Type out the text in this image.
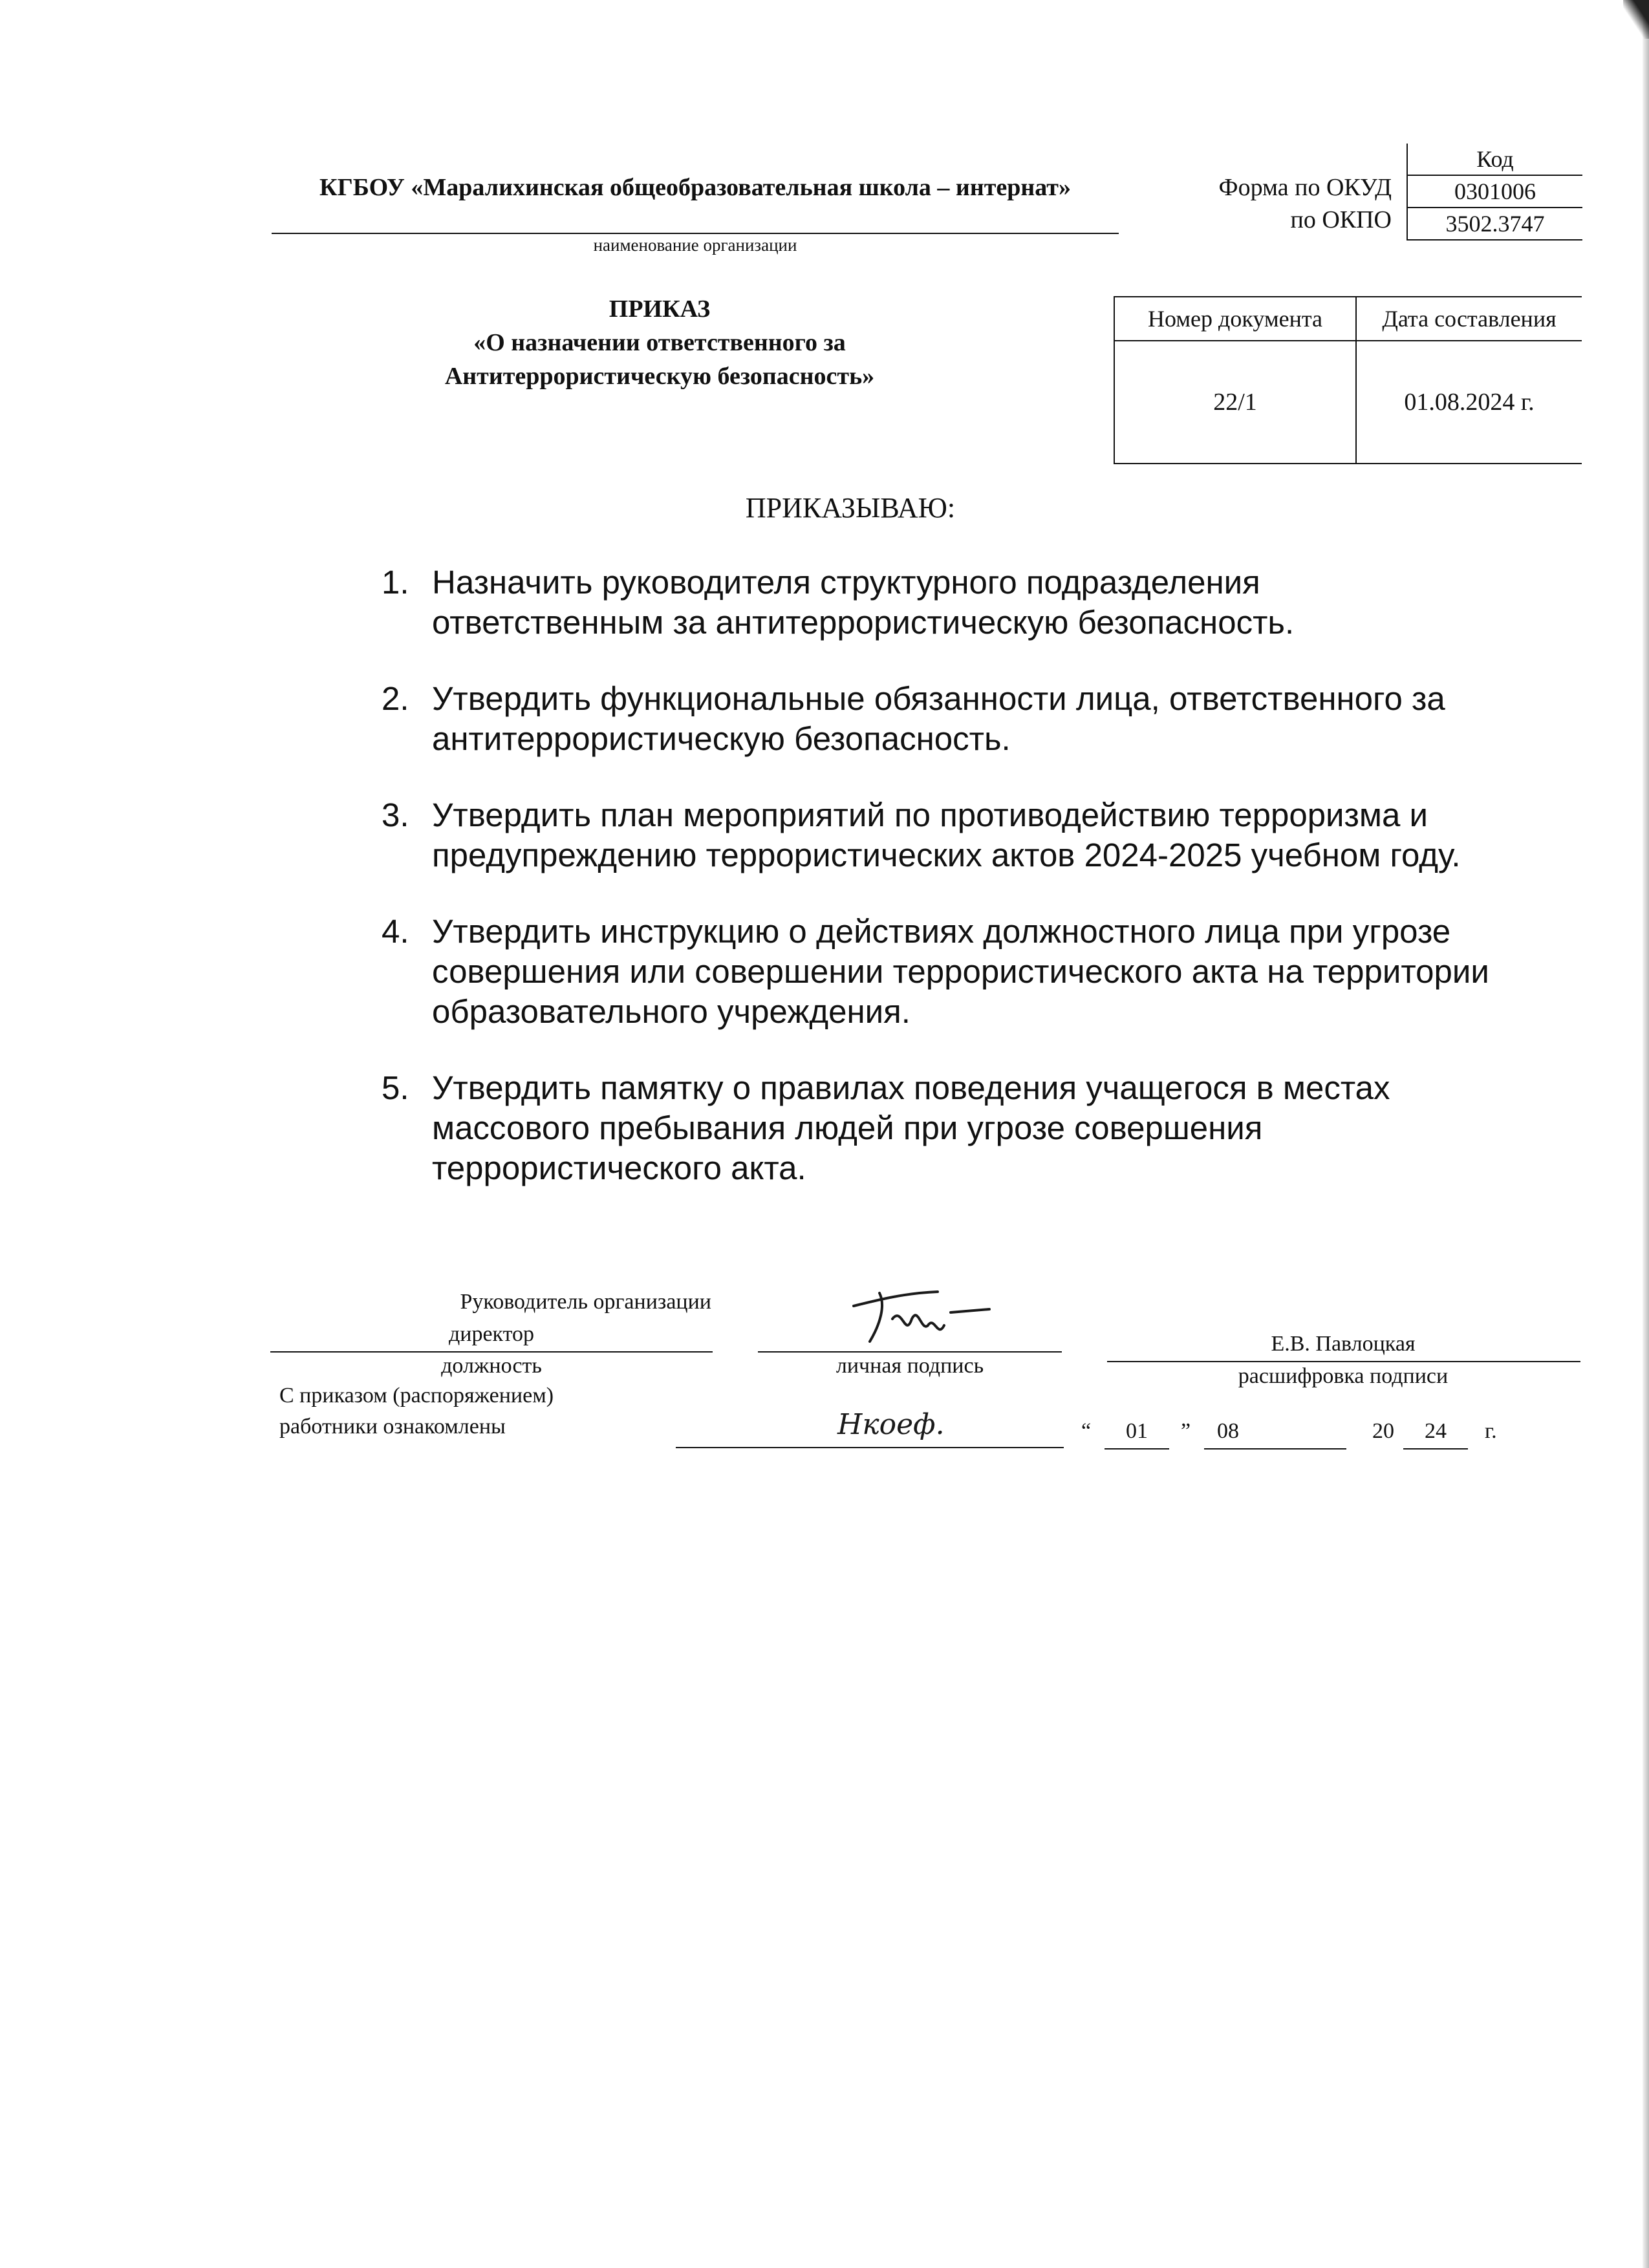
КГБОУ «Маралихинская общеобразовательная школа – интернат»
наименование организации
Код
0301006
3502.3747
Форма по ОКУД
по ОКПО
ПРИКАЗ
«О назначении ответственного за
Антитеррористическую безопасность»
Номер документа	Дата составления
22/1	01.08.2024 г.
ПРИКАЗЫВАЮ:
1. Назначить руководителя структурного подразделения
ответственным за антитеррористическую безопасность.
2. Утвердить функциональные обязанности лица, ответственного за
антитеррористическую безопасность.
3. Утвердить план мероприятий по противодействию терроризма и
предупреждению террористических актов 2024-2025 учебном году.
4. Утвердить инструкцию о действиях должностного лица при угрозе
совершения или совершении террористического акта на территории
образовательного учреждения.
5. Утвердить памятку о правилах поведения учащегося в местах
массового пребывания людей при угрозе совершения
террористического акта.
Руководитель организации
директор
должность	личная подпись
Е.В. Павлоцкая
расшифровка подписи
С приказом (распоряжением)
работники ознакомлены	Нкоеф.	“	01	”	08	20	24	г.
